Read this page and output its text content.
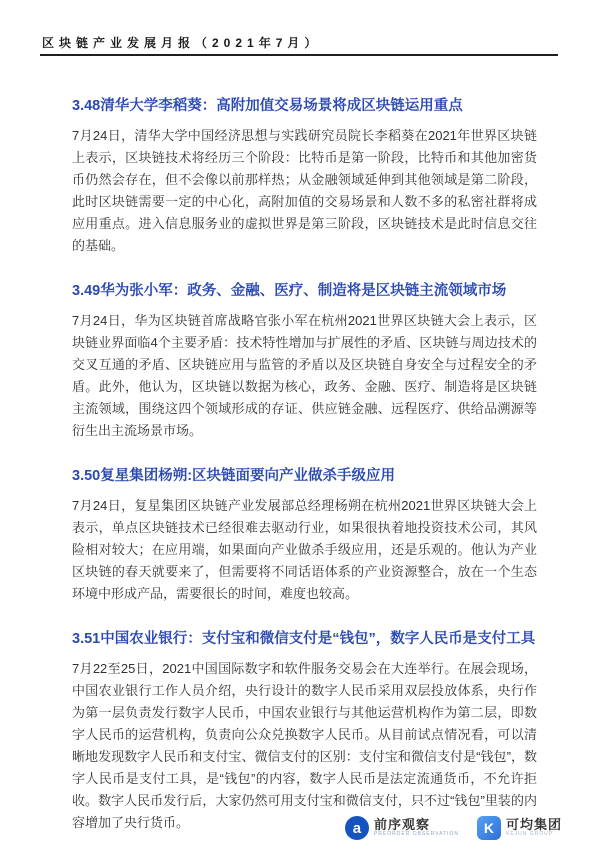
区块链产业发展月报（2021年7月）
3.48清华大学李稻葵：高附加值交易场景将成区块链运用重点

7月24日，清华大学中国经济思想与实践研究员院长李稻葵在2021年世界区块链上表示，区块链技术将经历三个阶段：比特币是第一阶段，比特币和其他加密货币仍然会存在，但不会像以前那样热；从金融领域延伸到其他领域是第二阶段，此时区块链需要一定的中心化，高附加值的交易场景和人数不多的私密社群将成应用重点。进入信息服务业的虚拟世界是第三阶段，区块链技术是此时信息交往的基础。

3.49华为张小军：政务、金融、医疗、制造将是区块链主流领域市场

7月24日，华为区块链首席战略官张小军在杭州2021世界区块链大会上表示，区块链业界面临4个主要矛盾：技术特性增加与扩展性的矛盾、区块链与周边技术的交叉互通的矛盾、区块链应用与监管的矛盾以及区块链自身安全与过程安全的矛盾。此外，他认为，区块链以数据为核心，政务、金融、医疗、制造将是区块链主流领域，围绕这四个领域形成的存证、供应链金融、远程医疗、供给品溯源等衍生出主流场景市场。

3.50复星集团杨朔:区块链面要向产业做杀手级应用

7月24日，复星集团区块链产业发展部总经理杨朔在杭州2021世界区块链大会上表示，单点区块链技术已经很难去驱动行业，如果很执着地投资技术公司，其风险相对较大；在应用端，如果面向产业做杀手级应用，还是乐观的。他认为产业区块链的春天就要来了，但需要将不同话语体系的产业资源整合，放在一个生态环境中形成产品，需要很长的时间，难度也较高。

3.51中国农业银行：支付宝和微信支付是“钱包”，数字人民币是支付工具

7月22至25日，2021中国国际数字和软件服务交易会在大连举行。在展会现场，中国农业银行工作人员介绍，央行设计的数字人民币采用双层投放体系，央行作为第一层负责发行数字人民币，中国农业银行与其他运营机构作为第二层，即数字人民币的运营机构，负责向公众兑换数字人民币。从目前试点情况看，可以清晰地发现数字人民币和支付宝、微信支付的区别：支付宝和微信支付是“钱包”，数字人民币是支付工具，是“钱包”的内容，数字人民币是法定流通货币，不允许拒收。数字人民币发行后，大家仍然可用支付宝和微信支付，只不过“钱包”里装的内容增加了央行货币。	a 前序观察
PREORDER OBSERVATION	K 可均集团
KEJUN GROUP
